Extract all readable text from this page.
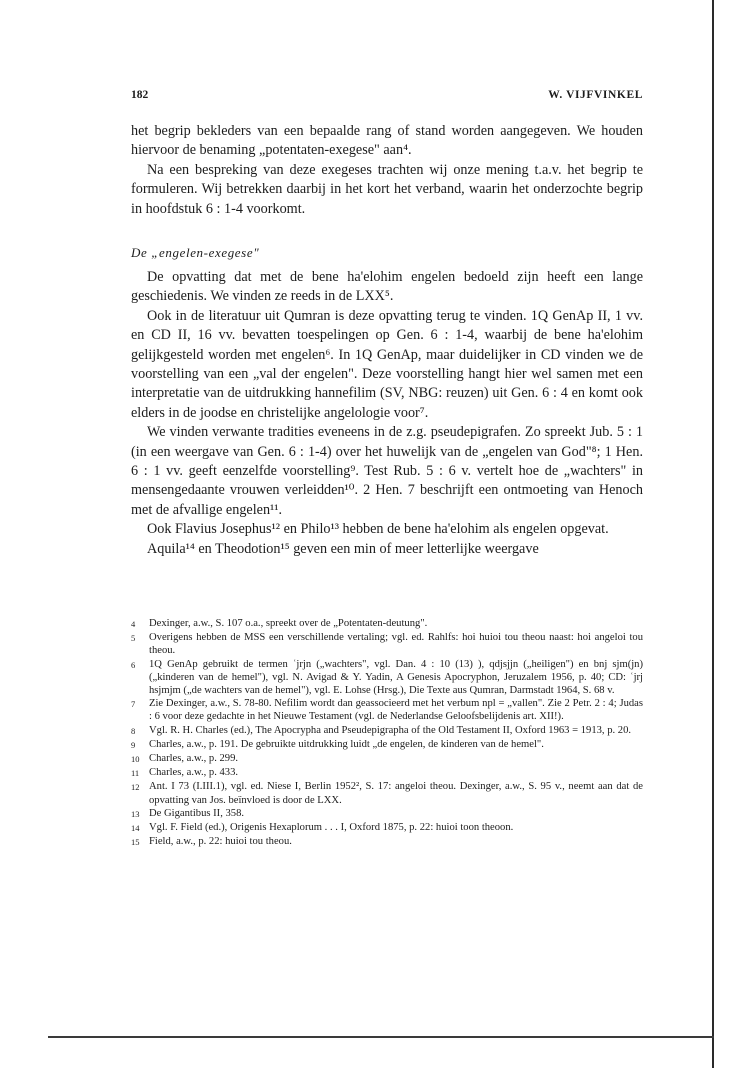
182	W. VIJFVINKEL

het begrip bekleders van een bepaalde rang of stand worden aangegeven. We houden hiervoor de benaming „potentaten-exegese" aan⁴.

Na een bespreking van deze exegeses trachten wij onze mening t.a.v. het begrip te formuleren. Wij betrekken daarbij in het kort het verband, waarin het onderzochte begrip in hoofdstuk 6 : 1-4 voorkomt.

De „engelen-exegese"

De opvatting dat met de bene ha'elohim engelen bedoeld zijn heeft een lange geschiedenis. We vinden ze reeds in de LXX⁵.

Ook in de literatuur uit Qumran is deze opvatting terug te vinden. 1Q GenAp II, 1 vv. en CD II, 16 vv. bevatten toespelingen op Gen. 6 : 1-4, waarbij de bene ha'elohim gelijkgesteld worden met engelen⁶. In 1Q GenAp, maar duidelijker in CD vinden we de voorstelling van een „val der engelen". Deze voorstelling hangt hier wel samen met een interpretatie van de uitdrukking hannefilim (SV, NBG: reuzen) uit Gen. 6 : 4 en komt ook elders in de joodse en christelijke angelologie voor⁷.

We vinden verwante tradities eveneens in de z.g. pseudepigrafen. Zo spreekt Jub. 5 : 1 (in een weergave van Gen. 6 : 1-4) over het huwelijk van de „engelen van God"⁸; 1 Hen. 6 : 1 vv. geeft eenzelfde voorstelling⁹. Test Rub. 5 : 6 v. vertelt hoe de „wachters" in mensengedaante vrouwen verleidden¹⁰. 2 Hen. 7 beschrijft een ontmoeting van Henoch met de afvallige engelen¹¹.

Ook Flavius Josephus¹² en Philo¹³ hebben de bene ha'elohim als engelen opgevat.

Aquila¹⁴ en Theodotion¹⁵ geven een min of meer letterlijke weergave

4	Dexinger, a.w., S. 107 o.a., spreekt over de „Potentaten-deutung".
5	Overigens hebben de MSS een verschillende vertaling; vgl. ed. Rahlfs: hoi huioi tou theou naast: hoi angeloi tou theou.
6	1Q GenAp gebruikt de termen ʿjrjn („wachters", vgl. Dan. 4 : 10 (13) ), qdjsjjn („heiligen") en bnj sjm(jn) („kinderen van de hemel"), vgl. N. Avigad & Y. Yadin, A Genesis Apocryphon, Jeruzalem 1956, p. 40; CD: ʿjrj hsjmjm („de wachters van de hemel"), vgl. E. Lohse (Hrsg.), Die Texte aus Qumran, Darmstadt 1964, S. 68 v.
7	Zie Dexinger, a.w., S. 78-80. Nefilim wordt dan geassocieerd met het verbum npl = „vallen". Zie 2 Petr. 2 : 4; Judas : 6 voor deze gedachte in het Nieuwe Testament (vgl. de Nederlandse Geloofsbelijdenis art. XII!).
8	Vgl. R. H. Charles (ed.), The Apocrypha and Pseudepigrapha of the Old Testament II, Oxford 1963 = 1913, p. 20.
9	Charles, a.w., p. 191. De gebruikte uitdrukking luidt „de engelen, de kinderen van de hemel".
10 Charles, a.w., p. 299.
11 Charles, a.w., p. 433.
12 Ant. I 73 (I.III.1), vgl. ed. Niese I, Berlin 1952², S. 17: angeloi theou. Dexinger, a.w., S. 95 v., neemt aan dat de opvatting van Jos. beïnvloed is door de LXX.
13 De Gigantibus II, 358.
14 Vgl. F. Field (ed.), Origenis Hexaplorum . . . I, Oxford 1875, p. 22: huioi toon theoon.
15 Field, a.w., p. 22: huioi tou theou.
